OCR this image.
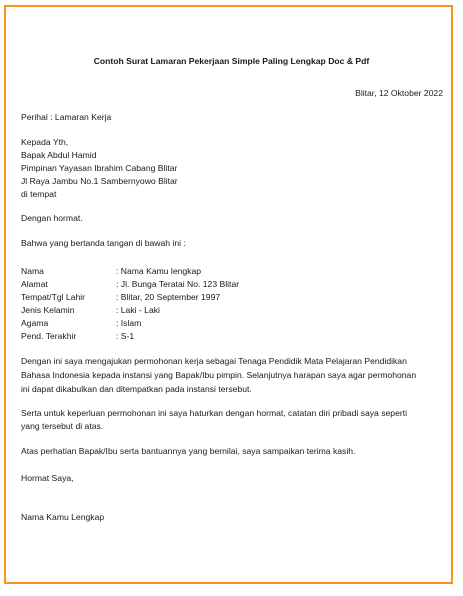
Contoh Surat Lamaran Pekerjaan Simple Paling Lengkap Doc & Pdf
Blitar, 12 Oktober 2022
Perihal : Lamaran Kerja
Kepada Yth,
Bapak Abdul Hamid
Pimpinan Yayasan Ibrahim Cabang Blitar
Jl Raya Jambu No.1 Sambernyowo Blitar
di tempat
Dengan hormat.
Bahwa yang bertanda tangan di bawah ini :
Nama	: Nama Kamu lengkap
Alamat	: Jl. Bunga Teratai No. 123 Blitar
Tempat/Tgl Lahir	: Blitar, 20 September 1997
Jenis Kelamin	: Laki - Laki
Agama	: Islam
Pend. Terakhir	: S-1
Dengan ini saya mengajukan permohonan kerja sebagai Tenaga Pendidik Mata Pelajaran Pendidikan
Bahasa Indonesia kepada instansi yang Bapak/Ibu pimpin. Selanjutnya harapan saya agar permohonan
ini dapat dikabulkan dan ditempatkan pada instansi tersebut.
Serta untuk keperluan permohonan ini saya haturkan dengan hormat, catatan diri pribadi saya seperti
yang tersebut di atas.
Atas perhatian Bapak/Ibu serta bantuannya yang bernilai, saya sampaikan terima kasih.
Hormat Saya,
Nama Kamu Lengkap
